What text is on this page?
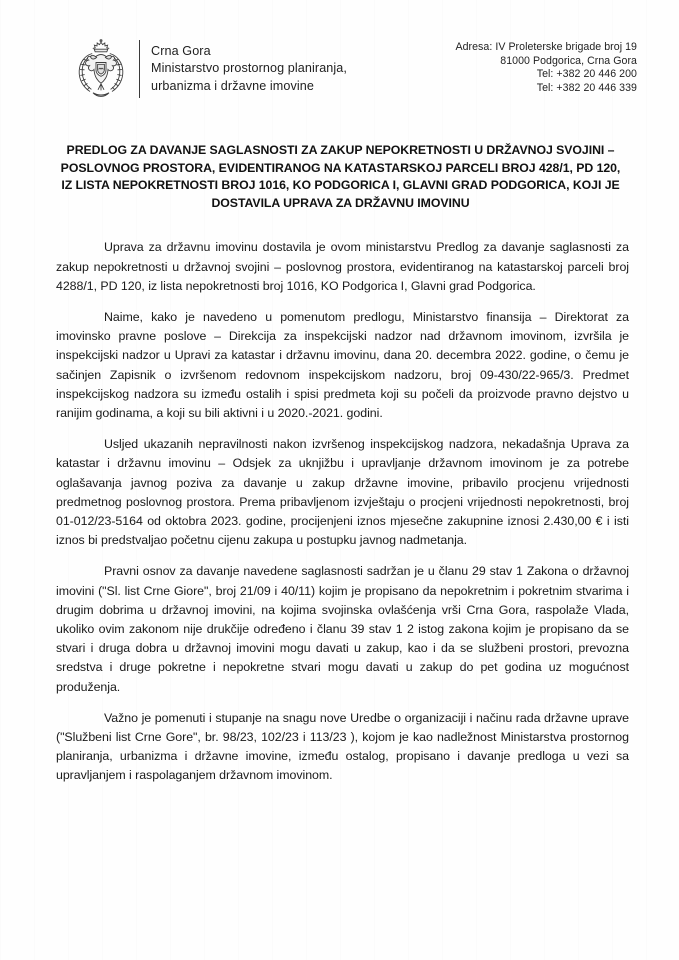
Crna Gora
Ministarstvo prostornog planiranja,
urbanizma i državne imovine
Adresa: IV Proleterske brigade broj 19
81000 Podgorica, Crna Gora
Tel: +382 20 446 200
Tel: +382 20 446 339
PREDLOG ZA DAVANJE SAGLASNOSTI ZA ZAKUP NEPOKRETNOSTI U DRŽAVNOJ SVOJINI – POSLOVNOG PROSTORA, EVIDENTIRANOG NA KATASTARSKOJ PARCELI BROJ 428/1, PD 120, IZ LISTA NEPOKRETNOSTI BROJ 1016, KO PODGORICA I, GLAVNI GRAD PODGORICA, KOJI JE DOSTAVILA UPRAVA ZA DRŽAVNU IMOVINU

Uprava za državnu imovinu dostavila je ovom ministarstvu Predlog za davanje saglasnosti za zakup nepokretnosti u državnoj svojini – poslovnog prostora, evidentiranog na katastarskoj parceli broj 4288/1, PD 120, iz lista nepokretnosti broj 1016, KO Podgorica I, Glavni grad Podgorica.

Naime, kako je navedeno u pomenutom predlogu, Ministarstvo finansija – Direktorat za imovinsko pravne poslove – Direkcija za inspekcijski nadzor nad državnom imovinom, izvršila je inspekcijski nadzor u Upravi za katastar i državnu imovinu, dana 20. decembra 2022. godine, o čemu je sačinjen Zapisnik o izvršenom redovnom inspekcijskom nadzoru, broj 09-430/22-965/3. Predmet inspekcijskog nadzora su između ostalih i spisi predmeta koji su počeli da proizvode pravno dejstvo u ranijim godinama, a koji su bili aktivni i u 2020.-2021. godini.

Usljed ukazanih nepravilnosti nakon izvršenog inspekcijskog nadzora, nekadašnja Uprava za katastar i državnu imovinu – Odsjek za uknjižbu i upravljanje državnom imovinom je za potrebe oglašavanja javnog poziva za davanje u zakup državne imovine, pribavilo procjenu vrijednosti predmetnog poslovnog prostora. Prema pribavljenom izvještaju o procjeni vrijednosti nepokretnosti, broj 01-012/23-5164 od oktobra 2023. godine, procijenjeni iznos mjesečne zakupnine iznosi 2.430,00 € i isti iznos bi predstvaljao početnu cijenu zakupa u postupku javnog nadmetanja.

Pravni osnov za davanje navedene saglasnosti sadržan je u članu 29 stav 1 Zakona o državnoj imovini ("Sl. list Crne Giore", broj 21/09 i 40/11) kojim je propisano da nepokretnim i pokretnim stvarima i drugim dobrima u državnoj imovini, na kojima svojinska ovlašćenja vrši Crna Gora, raspolaže Vlada, ukoliko ovim zakonom nije drukčije određeno i članu 39 stav 1 2 istog zakona kojim je propisano da se stvari i druga dobra u državnoj imovini mogu davati u zakup, kao i da se službeni prostori, prevozna sredstva i druge pokretne i nepokretne stvari mogu davati u zakup do pet godina uz mogućnost produženja.

Važno je pomenuti i stupanje na snagu nove Uredbe o organizaciji i načinu rada državne uprave ("Službeni list Crne Gore", br. 98/23, 102/23 i 113/23 ), kojom je kao nadležnost Ministarstva prostornog planiranja, urbanizma i državne imovine, između ostalog, propisano i davanje predloga u vezi sa upravljanjem i raspolaganjem državnom imovinom.
